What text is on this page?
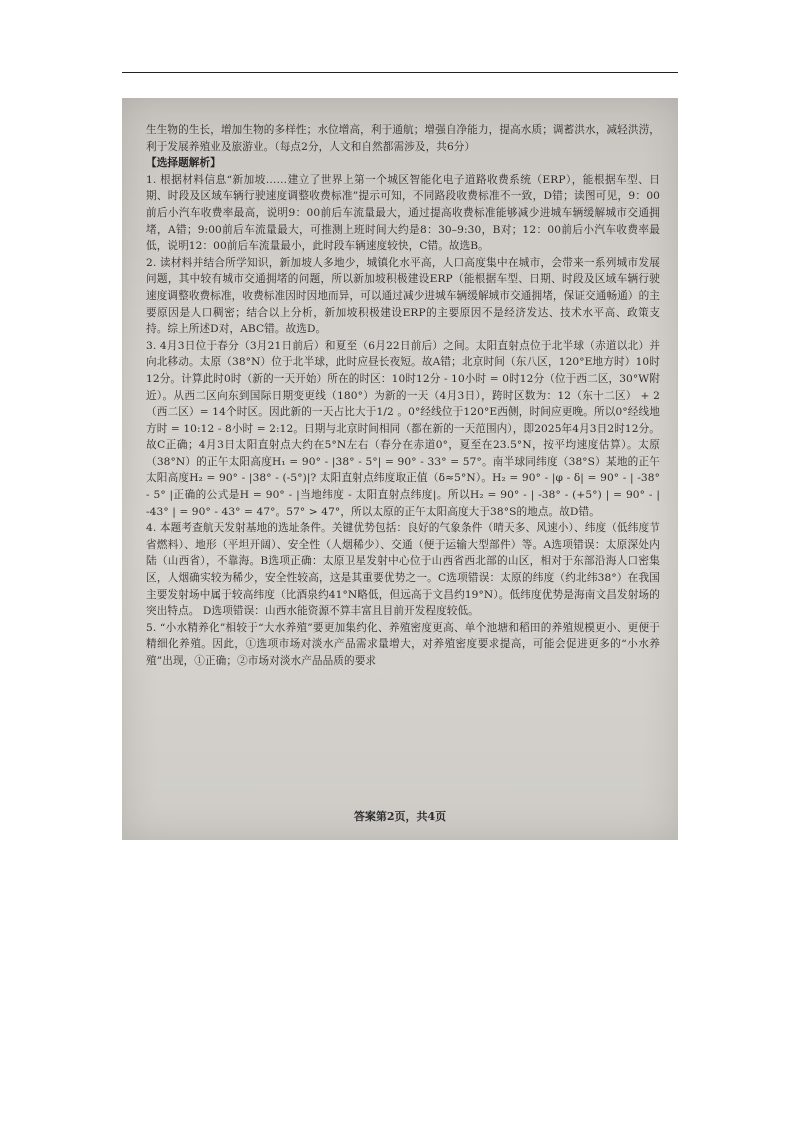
生生物的生长，增加生物的多样性；水位增高，利于通航；增强自净能力，提高水质；调蓄洪水，减轻洪涝，利于发展养殖业及旅游业。（每点2分，人文和自然都需涉及，共6分）

【选择题解析】

1. 根据材料信息“新加坡……建立了世界上第一个城区智能化电子道路收费系统（ERP），能根据车型、日期、时段及区域车辆行驶速度调整收费标准”提示可知，不同路段收费标准不一致，D错；读图可见，9：00前后小汽车收费率最高，说明9：00前后车流量最大，通过提高收费标准能够减少进城车辆缓解城市交通拥堵，A错；9:00前后车流量最大，可推测上班时间大约是8：30–9:30，B对；12：00前后小汽车收费率最低，说明12：00前后车流量最小，此时段车辆速度较快，C错。故选B。

2. 读材料并结合所学知识，新加坡人多地少，城镇化水平高，人口高度集中在城市，会带来一系列城市发展问题，其中较有城市交通拥堵的问题，所以新加坡积极建设ERP（能根据车型、日期、时段及区域车辆行驶速度调整收费标准，收费标准因时因地而异，可以通过减少进城车辆缓解城市交通拥堵，保证交通畅通）的主要原因是人口稠密；结合以上分析，新加坡积极建设ERP的主要原因不是经济发达、技术水平高、政策支持。综上所述D对，ABC错。故选D。

3. 4月3日位于春分（3月21日前后）和夏至（6月22日前后）之间。太阳直射点位于北半球（赤道以北）并向北移动。太原（38°N）位于北半球，此时应昼长夜短。故A错；北京时间（东八区，120°E地方时）10时12分。计算此时0时（新的一天开始）所在的时区：10时12分 - 10小时 = 0时12分（位于西二区，30°W附近）。从西二区向东到国际日期变更线（180°）为新的一天（4月3日），跨时区数为：12（东十二区） + 2（西二区）= 14个时区。因此新的一天占比大于1/2 。0°经线位于120°E西侧，时间应更晚。所以0°经线地方时 = 10:12 - 8小时 = 2:12。日期与北京时间相同（都在新的一天范围内），即2025年4月3日2时12分。故C正确；4月3日太阳直射点大约在5°N左右（春分在赤道0°，夏至在23.5°N，按平均速度估算）。太原（38°N）的正午太阳高度H₁ = 90° - |38° - 5°| = 90° - 33° = 57°。南半球同纬度（38°S）某地的正午太阳高度H₂ = 90° - |38° - (-5°)|? 太阳直射点纬度取正值（δ≈5°N）。H₂ = 90° - |φ - δ| = 90° - | -38° - 5° |正确的公式是H = 90° - |当地纬度 - 太阳直射点纬度|。所以H₂ = 90° - | -38° - (+5°) | = 90° - | -43° | = 90° - 43° = 47°。57° > 47°，所以太原的正午太阳高度大于38°S的地点。故D错。

4. 本题考查航天发射基地的选址条件。关键优势包括：良好的气象条件（晴天多、风速小）、纬度（低纬度节省燃料）、地形（平坦开阔）、安全性（人烟稀少）、交通（便于运输大型部件）等。A选项错误：太原深处内陆（山西省），不靠海。B选项正确：太原卫星发射中心位于山西省西北部的山区，相对于东部沿海人口密集区，人烟确实较为稀少，安全性较高，这是其重要优势之一。C选项错误：太原的纬度（约北纬38°）在我国主要发射场中属于较高纬度（比酒泉约41°N略低，但远高于文昌约19°N）。低纬度优势是海南文昌发射场的突出特点。 D选项错误：山西水能资源不算丰富且目前开发程度较低。

5. “小水精养化”相较于“大水养殖”要更加集约化、养殖密度更高、单个池塘和稻田的养殖规模更小、更便于精细化养殖。因此，①选项市场对淡水产品需求量增大，对养殖密度要求提高，可能会促进更多的“小水养殖”出现，①正确；②市场对淡水产品品质的要求

答案第2页，共4页
